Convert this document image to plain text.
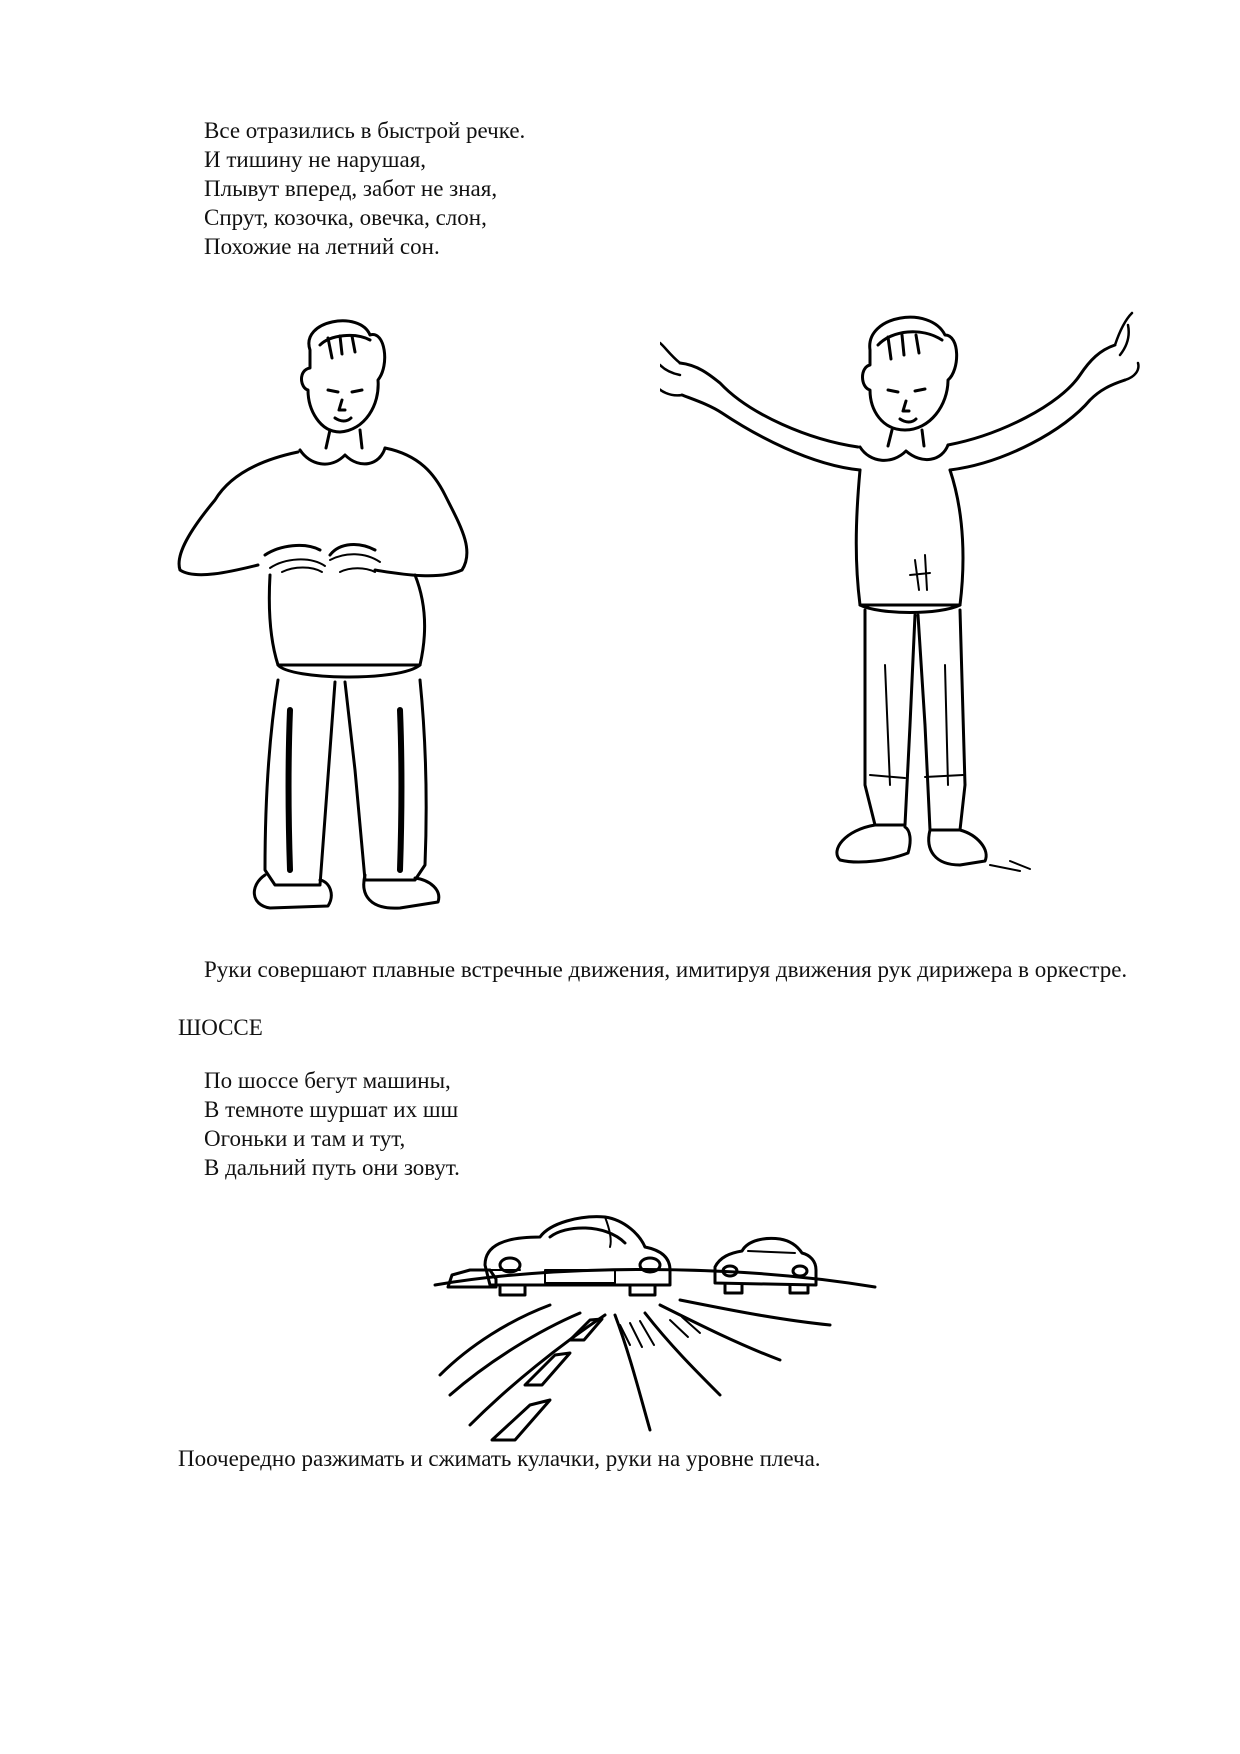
Все отразились в быстрой речке.
И тишину не нарушая,
Плывут вперед, забот не зная,
Спрут, козочка, овечка, слон,
Похожие на летний сон.
Руки совершают плавные встречные движения, имитируя движения рук дирижера в оркестре.
ШОССЕ
По шоссе бегут машины,
В темноте шуршат их шш
Огоньки и там и тут,
В дальний путь они зовут.
Поочередно разжимать и сжимать кулачки, руки на уровне плеча.
